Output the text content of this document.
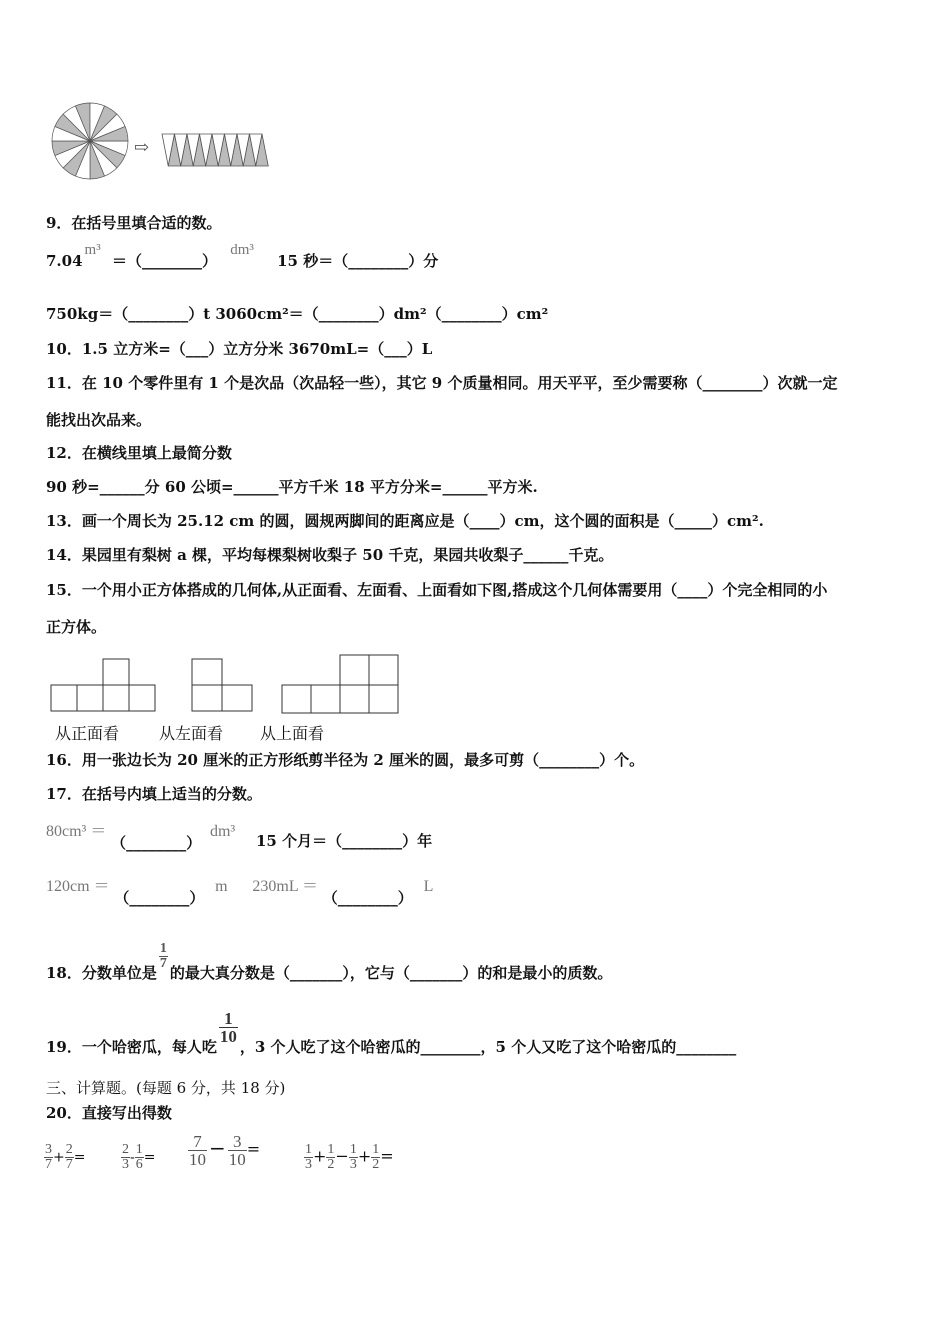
⇨
9．在括号里填合适的数。
7.04m³ ＝（________） dm³ 15 秒＝（________）分
750kg＝（________）t 3060cm²＝（________）dm²（________）cm²
10．1.5 立方米=（___）立方分米 3670mL=（___）L
11．在 10 个零件里有 1 个是次品（次品轻一些），其它 9 个质量相同。用天平平，至少需要称（________）次就一定
能找出次品来。
12．在横线里填上最简分数
90 秒=______分 60 公顷=______平方千米 18 平方分米=______平方米.
13．画一个周长为 25.12 cm 的圆，圆规两脚间的距离应是（____）cm，这个圆的面积是（_____）cm².
14．果园里有梨树 a 棵，平均每棵梨树收梨子 50 千克，果园共收梨子______千克。
15．一个用小正方体搭成的几何体,从正面看、左面看、上面看如下图,搭成这个几何体需要用（____）个完全相同的小
正方体。
从正面看 从左面看 从上面看
16．用一张边长为 20 厘米的正方形纸剪半径为 2 厘米的圆，最多可剪（________）个。
17．在括号内填上适当的分数。
80cm³ ＝ （________） dm³ 15 个月＝（________）年
120cm ＝ （________） m 230mL ＝ （________） L
18．分数单位是
$\frac{1}{7}$
的最大真分数是（_______），它与（_______）的和是最小的质数。
19．一个哈密瓜，每人吃
$\frac{1}{10}$
，3 个人吃了这个哈密瓜的________，5 个人又吃了这个哈密瓜的________
三、计算题。(每题 6 分，共 18 分)
20．直接写出得数
$\frac{3}{7} + \frac{2}{7}$ =	$\frac{2}{3} - \frac{1}{6} = \frac{7}{10} - \frac{3}{10}$ =	$\frac{1}{3} + \frac{1}{2} - \frac{1}{3} + \frac{1}{2}$ =
